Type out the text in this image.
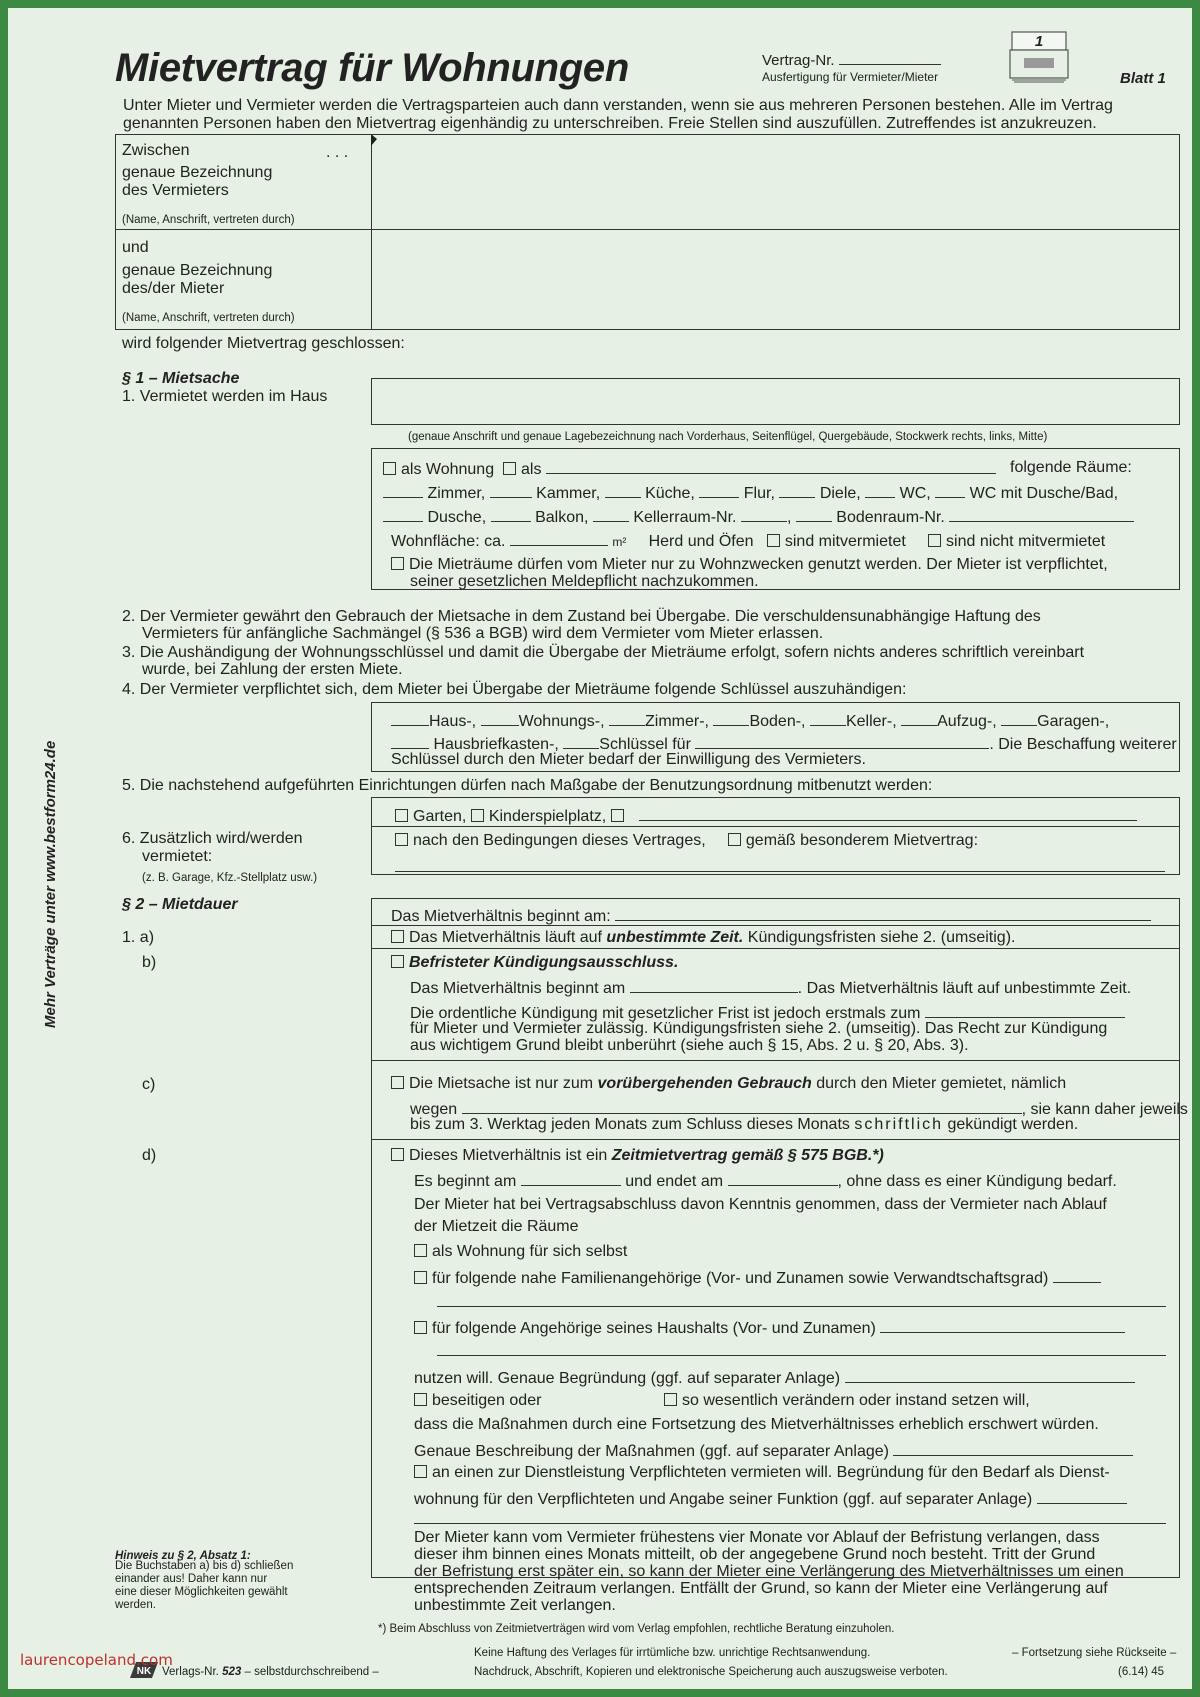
Mietvertrag für Wohnungen	Vertrag-Nr.
Ausfertigung für Vermieter/Mieter	Blatt 1
1
Unter Mieter und Vermieter werden die Vertragsparteien auch dann verstanden, wenn sie aus mehreren Personen bestehen. Alle im Vertrag genannten Personen haben den Mietvertrag eigenhändig zu unterschreiben. Freie Stellen sind auszufüllen. Zutreffendes ist anzukreuzen.
Zwischen	. . .
genaue Bezeichnung
des Vermieters
(Name, Anschrift, vertreten durch)
und
genaue Bezeichnung
des/der Mieter
(Name, Anschrift, vertreten durch)
wird folgender Mietvertrag geschlossen:
§ 1 – Mietsache
1. Vermietet werden im Haus
(genaue Anschrift und genaue Lagebezeichnung nach Vorderhaus, Seitenflügel, Quergebäude, Stockwerk rechts, links, Mitte)
als Wohnung als	folgende Räume:
Zimmer,	Kammer,	Küche,	Flur,	Diele, WC, WC mit Dusche/Bad,
Dusche,	Balkon,	Kellerraum-Nr.	,	Bodenraum-Nr.
Wohnfläche: ca.	m² Herd und Öfen sind mitvermietet	sind nicht mitvermietet
Die Mieträume dürfen vom Mieter nur zu Wohnzwecken genutzt werden. Der Mieter ist verpflichtet,
seiner gesetzlichen Meldepflicht nachzukommen.
2. Der Vermieter gewährt den Gebrauch der Mietsache in dem Zustand bei Übergabe. Die verschuldensunabhängige Haftung des
Vermieters für anfängliche Sachmängel (§ 536 a BGB) wird dem Vermieter vom Mieter erlassen.
3. Die Aushändigung der Wohnungsschlüssel und damit die Übergabe der Mieträume erfolgt, sofern nichts anderes schriftlich vereinbart
wurde, bei Zahlung der ersten Miete.
4. Der Vermieter verpflichtet sich, dem Mieter bei Übergabe der Mieträume folgende Schlüssel auszuhändigen:
Haus-,	Wohnungs-,	Zimmer-,	Boden-,	Keller-,	Aufzug-,	Garagen-,
Hausbriefkasten-,	Schlüssel für	. Die Beschaffung weiterer
Schlüssel durch den Mieter bedarf der Einwilligung des Vermieters.
5. Die nachstehend aufgeführten Einrichtungen dürfen nach Maßgabe der Benutzungsordnung mitbenutzt werden:
Garten, Kinderspielplatz,
6. Zusätzlich wird/werden
vermietet:
(z. B. Garage, Kfz.-Stellplatz usw.)
nach den Bedingungen dieses Vertrages,	gemäß besonderem Mietvertrag:
§ 2 – Mietdauer
Das Mietverhältnis beginnt am:
1. a)	Das Mietverhältnis läuft auf unbestimmte Zeit. Kündigungsfristen siehe 2. (umseitig).
b)	Befristeter Kündigungsausschluss.
Das Mietverhältnis beginnt am	. Das Mietverhältnis läuft auf unbestimmte Zeit.
Die ordentliche Kündigung mit gesetzlicher Frist ist jedoch erstmals zum
für Mieter und Vermieter zulässig. Kündigungsfristen siehe 2. (umseitig). Das Recht zur Kündigung
aus wichtigem Grund bleibt unberührt (siehe auch § 15, Abs. 2 u. § 20, Abs. 3).
c)	Die Mietsache ist nur zum vorübergehenden Gebrauch durch den Mieter gemietet, nämlich
wegen	, sie kann daher jeweils
bis zum 3. Werktag jeden Monats zum Schluss dieses Monats schriftlich gekündigt werden.
d)	Dieses Mietverhältnis ist ein Zeitmietvertrag gemäß § 575 BGB.*)
Es beginnt am	und endet am	, ohne dass es einer Kündigung bedarf.
Der Mieter hat bei Vertragsabschluss davon Kenntnis genommen, dass der Vermieter nach Ablauf
der Mietzeit die Räume
als Wohnung für sich selbst
für folgende nahe Familienangehörige (Vor- und Zunamen sowie Verwandtschaftsgrad)
für folgende Angehörige seines Haushalts (Vor- und Zunamen)
nutzen will. Genaue Begründung (ggf. auf separater Anlage)
beseitigen oder	so wesentlich verändern oder instand setzen will,
dass die Maßnahmen durch eine Fortsetzung des Mietverhältnisses erheblich erschwert würden.
Genaue Beschreibung der Maßnahmen (ggf. auf separater Anlage)
an einen zur Dienstleistung Verpflichteten vermieten will. Begründung für den Bedarf als Dienst-
wohnung für den Verpflichteten und Angabe seiner Funktion (ggf. auf separater Anlage)
Der Mieter kann vom Vermieter frühestens vier Monate vor Ablauf der Befristung verlangen, dass
dieser ihm binnen eines Monats mitteilt, ob der angegebene Grund noch besteht. Tritt der Grund
der Befristung erst später ein, so kann der Mieter eine Verlängerung des Mietverhältnisses um einen
entsprechenden Zeitraum verlangen. Entfällt der Grund, so kann der Mieter eine Verlängerung auf
unbestimmte Zeit verlangen.
Hinweis zu § 2, Absatz 1:
Die Buchstaben a) bis d) schließen
einander aus! Daher kann nur
eine dieser Möglichkeiten gewählt
werden.
Mehr Verträge unter www.bestform24.de
*) Beim Abschluss von Zeitmietverträgen wird vom Verlag empfohlen, rechtliche Beratung einzuholen.
Keine Haftung des Verlages für irrtümliche bzw. unrichtige Rechtsanwendung.	– Fortsetzung siehe Rückseite –
NK Verlags-Nr. 523 – selbstdurchschreibend –	Nachdruck, Abschrift, Kopieren und elektronische Speicherung auch auszugsweise verboten.	(6.14) 45
laurencopeland.com
